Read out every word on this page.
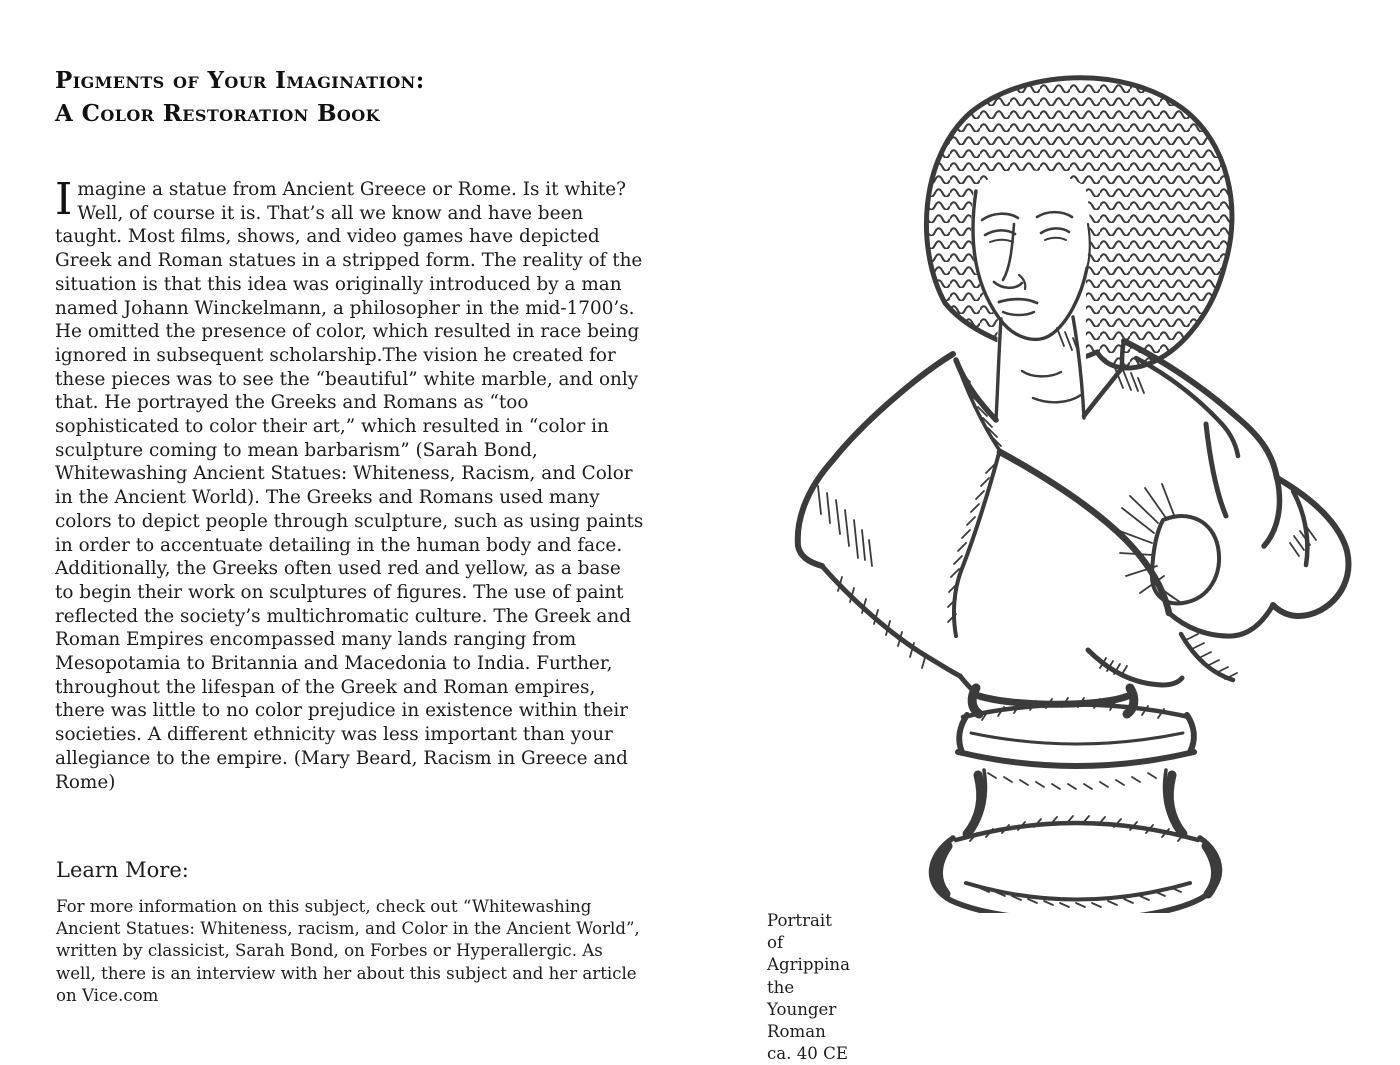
Pigments of Your Imagination:
A Color Restoration Book

Imagine a statue from Ancient Greece or Rome. Is it white? Well, of course it is. That’s all we know and have been taught. Most films, shows, and video games have depicted Greek and Roman statues in a stripped form. The reality of the situation is that this idea was originally introduced by a man named Johann Winckelmann, a philosopher in the mid-1700’s. He omitted the presence of color, which resulted in race being ignored in subsequent scholarship.The vision he created for these pieces was to see the “beautiful” white marble, and only that. He portrayed the Greeks and Romans as “too sophisticated to color their art,” which resulted in “color in sculpture coming to mean barbarism” (Sarah Bond, Whitewashing Ancient Statues: Whiteness, Racism, and Color in the Ancient World). The Greeks and Romans used many colors to depict people through sculpture, such as using paints in order to accentuate detailing in the human body and face. Additionally, the Greeks often used red and yellow, as a base to begin their work on sculptures of figures. The use of paint reflected the society’s multichromatic culture. The Greek and Roman Empires encompassed many lands ranging from Mesopotamia to Britannia and Macedonia to India. Further, throughout the lifespan of the Greek and Roman empires, there was little to no color prejudice in existence within their societies. A different ethnicity was less important than your allegiance to the empire. (Mary Beard, Racism in Greece and Rome)

Learn More:

For more information on this subject, check out “Whitewashing Ancient Statues: Whiteness, racism, and Color in the Ancient World”, written by classicist, Sarah Bond, on Forbes or Hyperallergic. As well, there is an interview with her about this subject and her article on Vice.com

Portrait of Agrippina the Younger
Roman
ca. 40 CE
